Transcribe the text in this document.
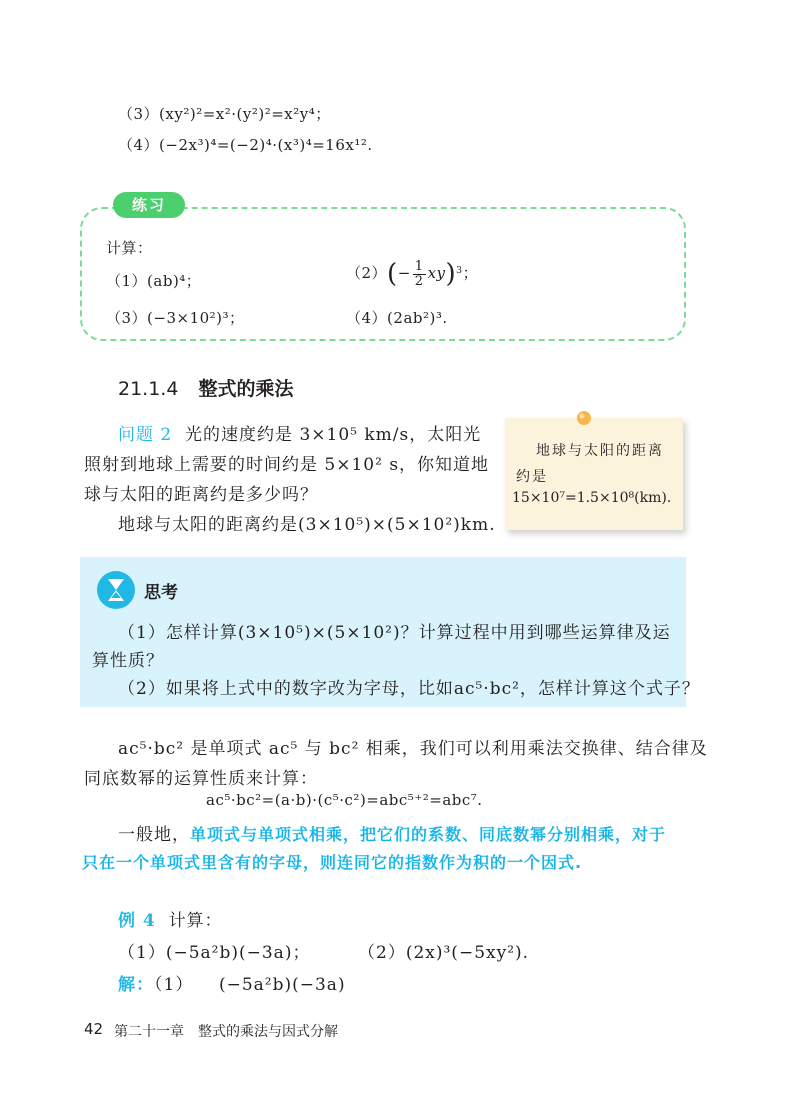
（3）(xy²)²=x²·(y²)²=x²y⁴；
（4）(−2x³)⁴=(−2)⁴·(x³)⁴=16x¹².
练习
计算：
（1）(ab)⁴；	$(2)(- \frac{1}{2} xy)^3$；
（3）(−3×10²)³；	（4）(2ab²)³.
21.1.4 整式的乘法
问题 2 光的速度约是 3×10⁵ km/s，太阳光
照射到地球上需要的时间约是 5×10² s，你知道地
球与太阳的距离约是多少吗？
地球与太阳的距离约是(3×10⁵)×(5×10²)km.
地球与太阳的距离
约是
15×10⁷=1.5×10⁸(km).
思考
（1）怎样计算(3×10⁵)×(5×10²)？计算过程中用到哪些运算律及运
算性质？
（2）如果将上式中的数字改为字母，比如ac⁵·bc²，怎样计算这个式子？
ac⁵·bc² 是单项式 ac⁵ 与 bc² 相乘，我们可以利用乘法交换律、结合律及
同底数幂的运算性质来计算：
ac⁵·bc²=(a·b)·(c⁵·c²)=abc⁵⁺²=abc⁷.
一般地，单项式与单项式相乘，把它们的系数、同底数幂分别相乘，对于
只在一个单项式里含有的字母，则连同它的指数作为积的一个因式.
例 4 计算：
（1）(−5a²b)(−3a)；	（2）(2x)³(−5xy²).
解：（1） (−5a²b)(−3a)
42 第二十一章　整式的乘法与因式分解
